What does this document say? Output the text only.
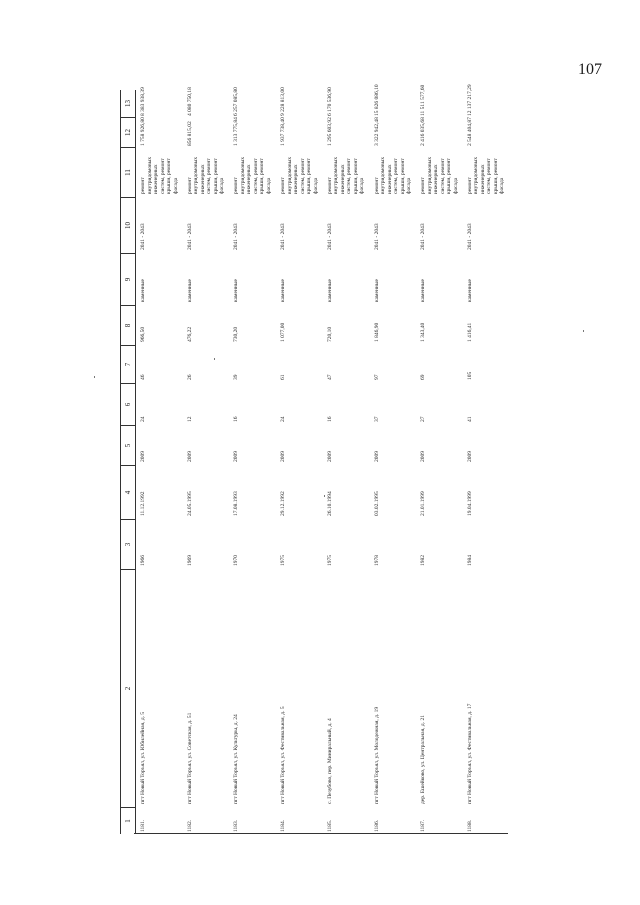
107
1
2
3
4
5
6
7
8
9
10
11
12
13
1181.
пгт Новый Торъял, ул. Юбилейная, д. 5
1966
11.12.1992
2009
24
46
966,50
каменные
2041 - 2043
ремонт внутридомовых инженерных систем, ремонт крыши, ремонт фасада
1 758 926,80
8 383 938,39
1182.
пгт Новый Торъял, ул. Советская, д. 51
1969
24.05.1995
2009
12
26
476,22
каменные
2041 - 2043
ремонт внутридомовых инженерных систем, ремонт крыши, ремонт фасада
856 815,02
4 080 750,18
1183.
пгт Новый Торъял, ул. Культуры, д. 24
1970
17.08.1993
2009
16
39
730,20
каменные
2041 - 2043
ремонт внутридомовых инженерных систем, ремонт крыши, ремонт фасада
1 313 775,84
6 257 085,80
1184.
пгт Новый Торъял, ул. Фестивальная, д. 5
1975
29.12.1992
2009
24
61
1 077,00
каменные
2041 - 2043
ремонт внутридомовых инженерных систем, ремонт крыши, ремонт фасада
1 937 738,40
9 228 813,00
1185.
с. Пезубово, пер. Миниральный, д. 4
1975
26.10.1994
2009
16
47
720,10
каменные
2041 - 2043
ремонт внутридомовых инженерных систем, ремонт крыши, ремонт фасада
1 295 603,92
6 170 536,90
1186.
пгт Новый Торъял, ул. Молодежная, д. 19
1978
03.02.1995
2009
37
97
1 846,90
каменные
2041 - 2043
ремонт внутридомовых инженерных систем, ремонт крыши, ремонт фасада
3 322 942,48
15 826 086,10
1187.
дер. Ешейково, ул. Центральная, д. 21
1982
21.01.1999
2009
27
69
1 343,40
каменные
2041 - 2043
ремонт внутридомовых инженерных систем, ремонт крыши, ремонт фасада
2 416 035,68
11 511 577,60
1188.
пгт Новый Торъял, ул. Фестивальная, д. 17
1984
19.04.1999
2009
41
105
1 416,41
каменные
2041 - 2043
ремонт внутридомовых инженерных систем, ремонт крыши, ремонт фасада
2 548 404,87
12 137 217,29
